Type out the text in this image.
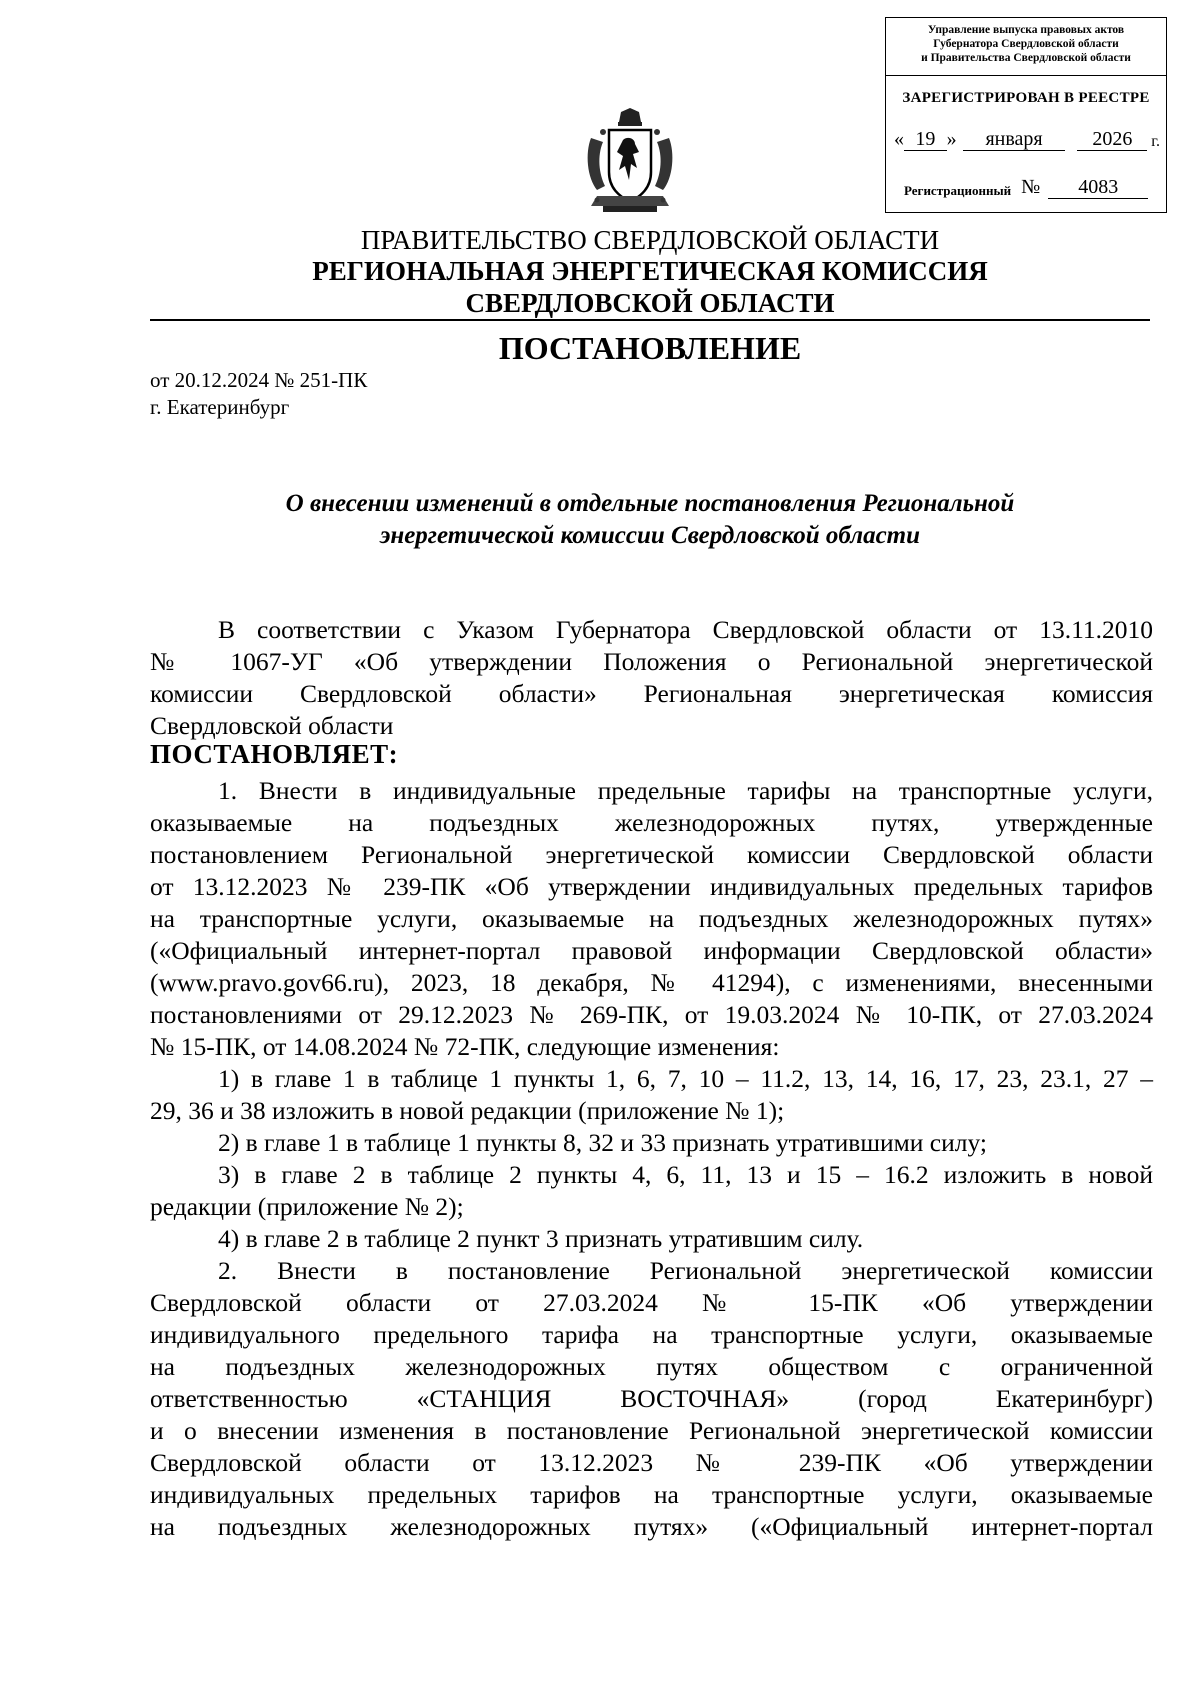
Управление выпуска правовых актов
Губернатора Свердловской области
и Правительства Свердловской области
ЗАРЕГИСТРИРОВАН В РЕЕСТРЕ
« 19 »	января	2026	г.
Регистрационный №	4083
ПРАВИТЕЛЬСТВО СВЕРДЛОВСКОЙ ОБЛАСТИ
РЕГИОНАЛЬНАЯ ЭНЕРГЕТИЧЕСКАЯ КОМИССИЯ
СВЕРДЛОВСКОЙ ОБЛАСТИ
ПОСТАНОВЛЕНИЕ
от 20.12.2024 № 251-ПК
г. Екатеринбург
О внесении изменений в отдельные постановления Региональной
энергетической комиссии Свердловской области
В соответствии с Указом Губернатора Свердловской области от 13.11.2010
№ 1067-УГ «Об утверждении Положения о Региональной энергетической
комиссии Свердловской области» Региональная энергетическая комиссия
Свердловской области
ПОСТАНОВЛЯЕТ:
1. Внести в индивидуальные предельные тарифы на транспортные услуги,
оказываемые на подъездных железнодорожных путях, утвержденные
постановлением Региональной энергетической комиссии Свердловской области
от 13.12.2023 № 239-ПК «Об утверждении индивидуальных предельных тарифов
на транспортные услуги, оказываемые на подъездных железнодорожных путях»
(«Официальный интернет-портал правовой информации Свердловской области»
(www.pravo.gov66.ru), 2023, 18 декабря, № 41294), с изменениями, внесенными
постановлениями от 29.12.2023 № 269-ПК, от 19.03.2024 № 10-ПК, от 27.03.2024
№ 15-ПК, от 14.08.2024 № 72-ПК, следующие изменения:
1) в главе 1 в таблице 1 пункты 1, 6, 7, 10 – 11.2, 13, 14, 16, 17, 23, 23.1, 27 –
29, 36 и 38 изложить в новой редакции (приложение № 1);
2) в главе 1 в таблице 1 пункты 8, 32 и 33 признать утратившими силу;
3) в главе 2 в таблице 2 пункты 4, 6, 11, 13 и 15 – 16.2 изложить в новой
редакции (приложение № 2);
4) в главе 2 в таблице 2 пункт 3 признать утратившим силу.
2. Внести в постановление Региональной энергетической комиссии
Свердловской области от 27.03.2024 № 15-ПК «Об утверждении
индивидуального предельного тарифа на транспортные услуги, оказываемые
на подъездных железнодорожных путях обществом с ограниченной
ответственностью «СТАНЦИЯ ВОСТОЧНАЯ» (город Екатеринбург)
и о внесении изменения в постановление Региональной энергетической комиссии
Свердловской области от 13.12.2023 № 239-ПК «Об утверждении
индивидуальных предельных тарифов на транспортные услуги, оказываемые
на подъездных железнодорожных путях» («Официальный интернет-портал
